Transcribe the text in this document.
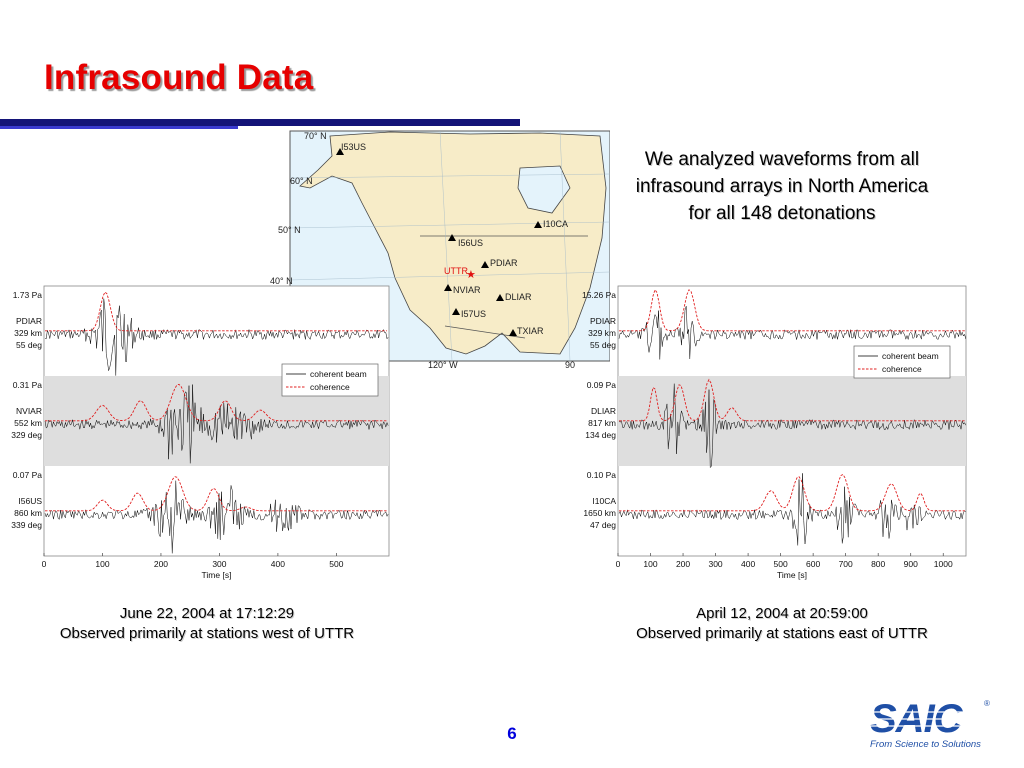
Infrasound Data
I53US
I10CA
I56US
PDIAR
NVIAR
DLIAR
I57US
TXIAR
UTTR
★
70° N
60° N
50° N
40° N
120° W	90
We analyzed waveforms from all
infrasound arrays in North America
for all 148 detonations
1.73 Pa
PDIAR
329 km
55 deg
0.31 Pa
NVIAR
552 km
329 deg
0.07 Pa
I56US
860 km
339 deg
0	100	200	300	400	500
Time [s]
coherent beam
coherence
15.26 Pa
PDIAR
329 km
55 deg
0.09 Pa
DLIAR
817 km
134 deg
0.10 Pa
I10CA
1650 km
47 deg
0	100 200 300 400 500 600 700 800 900 1000
Time [s]
coherent beam
coherence
June 22, 2004 at 17:12:29
Observed primarily at stations west of UTTR
April 12, 2004 at 20:59:00
Observed primarily at stations east of UTTR
6	SAIC	®
From Science to Solutions
